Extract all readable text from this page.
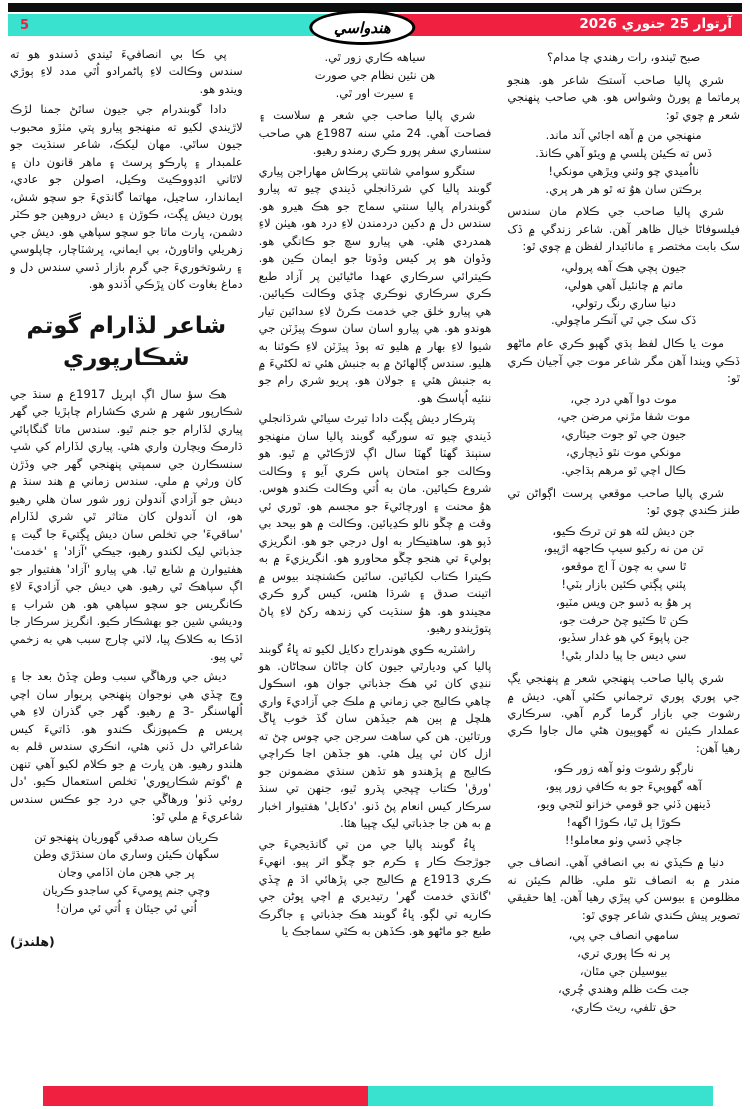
5	آرتوار 25 جنوري 2026
هندواسي
صبح ٿيندو، رات رهندي چا مدام؟

شري پاليا صاحب آستڪ شاعر هو. هنجو پرماتما ۾ پورڻ وشواس هو. هي صاحب پنهنجي شعر ۾ چوي ٿو:

منهنجي من ۾ آهه اجائي آند ماند.
ڏس ته ڪيئن پلسي ۾ ويئو آهي ڪانڌ.
نااُميدي چو وئني ويڙهي مونکي!
برڪتن سان هوُ ته ٿو هر هر پري.

شري پاليا صاحب جي ڪلام مان سندس فيلسوفاڻا خيال ظاهر آهن. شاعر زندگي ۾ ڏک سک بابت مختصر ۽ مانائيدار لفظن ۾ چوي ٿو:

جيون ٻچي هڪ آهه پرولي،
ماتم ۾ چانئيل آهي هولي،
دنيا ساري رنگ رتولي،
ڏک سک جي ٿي آنڪر ماچولي.

موت يا ڪال لفظ ٻڌي گهٻو ڪري عام ماڻهو ڏڪي ويندا آهن مگر شاعر موت جي آجيان ڪري ٿو:

موت دوا آهي درد جي،
موت شفا مڙني مرضن جي،
جيون جي ٿو جوت جيئاري،
مونکي موت نٿو ڏيڄاري،
ڪال اچي ٿو مرهم ٻڌاجي.

شري پاليا صاحب موقعي پرست اڳواڻن تي طنز ڪندي چوي ٿو:

جن ديش لئه هو تن ترڪ ڪيو،
تن من نه رکيو سيپ ڪاجهه اڙپيو،
ٿا سي به چون آ اڄ موقعو،
پئني پڳتي ڪئين بازار بٽي!
پر هوُ به ڏسو جن ويس مٽيو،
ڪن ٿا ڪٽيو چڻ حرفت جو،
جن پاپوءَ کي هو غدار سڏيو،
سي ديس جا پيا دلدار بڻي!

شري پاليا صاحب پنهنجي شعر ۾ پنهنجي يڳ جي پوري پوري ترجماني ڪئي آهي. ديش ۾ رشوت جي بازار گرما گرم آهي. سرڪاري عملدار ڪيئن نه گهوٻيون هڻي مال جاوا ڪري رهيا آهن:

نارڳو رشوت وٺو آهه زور ڪو،
آهه گهوٻيءَ جو به ڪافي زور پيو،
ڏينهن ڏٺي جو قومي خزانو لٽجي ويو،
ڪوڙا ٻل ٿيا، ڪوڙا اگهه!
جاچي ڏسي وٺو معاملو!!

دنيا ۾ ڪيڏي نه بي انصافي آهي. انصاف جي مندر ۾ به انصاف نٿو ملي. ظالم ڪيئن نه مظلومن ۽ بيوسن کي پيڙي رهيا آهن. اِها حقيقي تصوير پيش ڪندي شاعر چوي ٿو:

سامهي انصاف جي پي،
پر نه ڪا پوري تري،
بيوسيلن جي مٿان،
جت ڪت ظلم وهندي چُري،
حق تلفي، ريٽ ڪاري،
سياهه ڪاري زور ٿي.
هن نئين نظام جي صورت
۽ سيرت اور ٿي.

شري پاليا صاحب جي شعر ۾ سلاست ۽ فصاحت آهي. 24 مئي سنه 1987ع هي صاحب سنساري سفر پورو ڪري رمندو رهيو.

ستگرو سوامي شانتي پرڪاش مهاراجن پياري گوبند پاليا کي شرڌانجلي ڏيندي چيو ته پيارو گوبندرام پاليا سنتي سماج جو هڪ هيرو هو. سندس دل ۾ دکين دردمندن لاءِ درد هو، هيٺن لاءِ همدردي هئي. هي پيارو سچ جو ڪانگي هو. وڏوان هو پر کيس وڏوتا جو ايمان ڪين هو. ڪيترائي سرڪاري عهدا ماڻيائين پر آزاد طبع ڪري سرڪاري نوڪري ڇڏي وڪالت ڪيائين. هي پيارو خلق جي خدمت ڪرڻ لاءِ سدائين تيار هوندو هو. هي پيارو اسان سان سوڪ پيڙٽن جي شيوا لاءِ بهار ۾ هليو ته ٻوڏ پيڙٽن لاءِ ڪوئنا به هليو. سندس ڳالهائڻ ۾ به جنبش هئي ته لکڻيءَ ۾ به جنبش هئي ۽ جولان هو. پريو شري رام جو ننئيه اُپاسڪ هو.

پترڪار ديش ڀڳت دادا تيرٿ سياٿي شرڌانجلي ڏيندي چيو ته سورگيه گوبند پاليا سان منهنجو سنٻنڌ گهٽا گهٽا سال اڳ لاڙڪاڻي ۾ ٿيو. هو وڪالت جو امتحان پاس ڪري آيو ۽ وڪالت شروع ڪيائين. مان به اُتي وڪالت ڪندو هوس. هوُ محنت ۽ اورچائيءَ جو مجسم هو. ٿوري ئي وقت ۾ چڱو نالو ڪڍيائين. وڪالت ۾ هو بيحد بي ڏپو هو. ساهتيڪار به اول درجي جو هو. انگريزي ٻوليءَ تي هنجو چڱو محاورو هو. انگريزيءَ ۾ به ڪيترا ڪتاب لکيائين. سائين ڪشنچند بيوس ۾ اتينت صدق ۽ شرڌا هئس، کيس گرو ڪري مڃيندو هو. هوُ سنڌيت کي زندهه رکڻ لاءِ پاڻ پتوڙيندو رهيو.

راشٽريه ڪوي هوندراج دکايل لکيو ته ڀاءُ گوبند پاليا کي وديارٿي جيون کان ڄاڻان سڃاڻان. هو ننڍي کان ئي هڪ جذباتي جوان هو، اسڪول چاهي ڪاليج جي زماني ۾ ملڪ جي آزاديءَ واري هلچل ۾ ٻين هم جيڏهن سان گڏ خوب ڀاڱ ورتائين. هن کي ساهت سرجن جي چوس چڻ ته ازل کان ئي پيل هئي. هو جڏهن اڃا ڪراچي ڪاليج ۾ پڙهندو هو تڏهن سنڌي مضمونن جو 'ورق' ڪتاب ڇپجي پڌرو ٿيو، جنهن تي سنڌ سرڪار کيس انعام پڻ ڏنو. 'دکايل' هفتيوار اخبار ۾ به هن جا جذباتي ليک ڇپيا هئا.

ڀاءُ گوبند پاليا جي من تي گانڌيجيءَ جي جوڙجڪ ڪار ۽ ڪرم جو چڱو اثر پيو. انهيءَ ڪري 1913ع ۾ ڪاليج جي پڙهائي اڌ ۾ ڇڏي 'گانڌي خدمت گهر' رتيديري ۾ اچي ڀوڻن جي ڪاريه تي لڳو. ڀاءُ گوبند هڪ جذباتي ۽ جاگرڪ طبع جو ماڻهو هو. ڪڏهن به ڪٿي سماجڪ يا

پي ڪا بي انصافيءَ ٿيندي ڏسندو هو ته سندس وڪالت لاءِ پاڻمرادو اُٿي مدد لاءِ ٻوڙي ويندو هو.

دادا گوبندرام جي جيون ساٿڻ جمنا لڙڪ لاڙيندي لکيو ته منهنجو پيارو پتي مٺڙو محبوب جيون ساٿي. مهان ليکڪ، شاعر سنڌيت جو علمبدار ۽ پارڪو پرسٽ ۽ ماهر قانون دان ۽ لاٿاني ائڊووڪيٽ وڪيل، اصولن جو عادي، ايماندار، ساڃيل، مهاتما گانڌيءَ جو سچو شش، پورن ديش ڀڳت، ڪوڙن ۽ ديش دروهين جو ڪٽر دشمن، ڀارت ماتا جو سچو سپاهي هو. ديش جي زهريلي واتاورڻ، بي ايماني، ڀرشٽاچار، چاپلوسي ۽ رشوتخوريءَ جي گرم بازار ڏسي سندس دل و دماغ بغاوت کان ڀڙڪي اُڏندو هو.

شاعر لڏارام گوتم
شڪارپوري

هڪ سؤ سال اڳ اپريل 1917ع ۾ سنڌ جي شڪارپور شهر ۾ شري ڪشارام چاٻڙيا جي گهر پياري لڏارام جو جنم ٿيو. سندس ماتا گنگاٻائي ڌارمڪ ويچارن واري هئي. پياري لڏارام کي شڀ سنسڪارن جي سمپتي پنهنجي گهر جي وڏڙن کان ورثي ۾ ملي. سندس زماني ۾ هند سنڌ ۾ ديش جو آزادي آندولن زور شور سان هلي رهيو هو، ان آندولن کان متاثر ٿي شري لڏارام 'ساقيءَ' جي تخلص سان ديش ڀڳتيءَ جا گيت ۽ جذباتي ليک لکندو رهيو، جيڪي 'آزاد' ۽ 'خدمت' هفتيوارن ۾ شايع ٿيا. هي پيارو 'آزاد' هفتيوار جو اڳ سپاهڪ ٿي رهيو. هي ديش جي آزاديءَ لاءِ ڪانگريس جو سچو سپاهي هو. هن شراب ۽ وديشي شين جو بهشڪار ڪيو. انگريز سرڪار جا اڏڪا به ڪلاڪ پيا، لاٺي چارج سبب هي به زخمي ٿي پيو.

ديش جي ورهاڱي سبب وطن ڇڏڻ بعد جا ۽ وڃ ڇڏي هي نوجوان پنهنجي پريوار سان اچي اُلهاسنگر -3 ۾ رهيو. گهر جي گذران لاءِ هي پريس ۾ ڪمپوزنگ ڪندو هو. ڏاتيءَ کيس شاعراڻي دل ڏني هئي، انڪري سندس قلم به هلندو رهيو. هن ڀارت ۾ جو ڪلام لکيو آهي تنهن ۾ 'گوتم شڪارپوري' تخلص استعمال ڪيو. 'دل روئي ڏنو' ورهاڱي جي درد جو عڪس سندس شاعريءَ ۾ ملي ٿو:

ڪريان ساهه صدقي گهوريان پنهنجو تن
سگهان ڪيئن وساري مان سنڌڙي وطن
پر جي هجن مان اڏامي وڃان
وچي جنم ڀوميءَ کي ساجدو ڪريان
اُتي ئي جيئان ۽ اُتي ئي مران!
(هلندڙ)
